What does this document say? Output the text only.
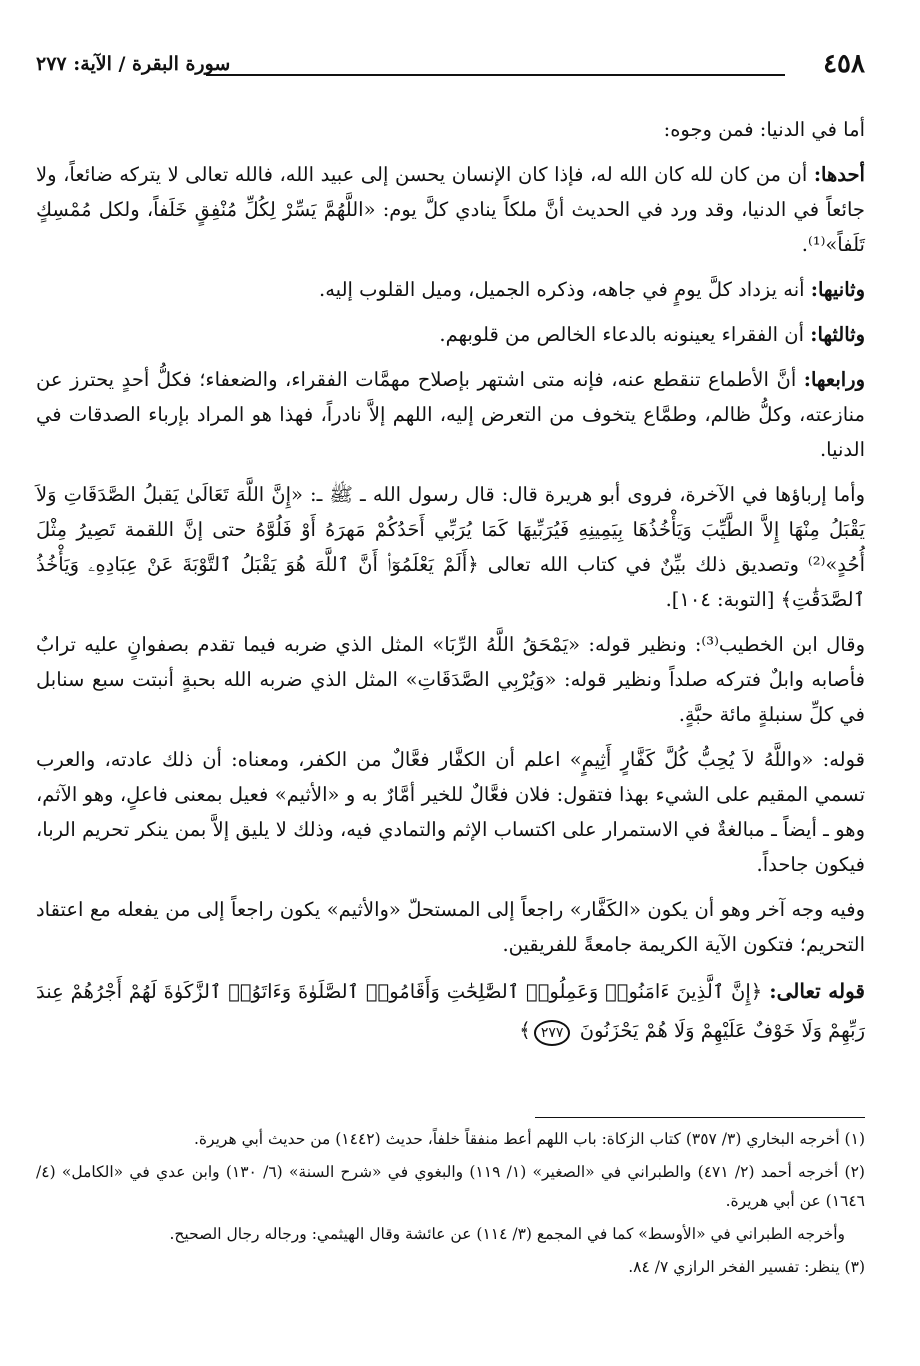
٤٥٨
سورة البقرة / الآية: ٢٧٧

أما في الدنيا: فمن وجوه:

أحدها: أن من كان لله كان الله له، فإذا كان الإنسان يحسن إلى عبيد الله، فالله تعالى لا يتركه ضائعاً، ولا جائعاً في الدنيا، وقد ورد في الحديث أنَّ ملكاً ينادي كلَّ يوم: «اللَّهُمَّ يَسِّرْ لِكُلِّ مُنْفِقٍ خَلَفاً، ولكل مُمْسِكٍ تَلَفاً»⁽¹⁾.

وثانيها: أنه يزداد كلَّ يومٍ في جاهه، وذكره الجميل، وميل القلوب إليه.

وثالثها: أن الفقراء يعينونه بالدعاء الخالص من قلوبهم.

ورابعها: أنَّ الأطماع تنقطع عنه، فإنه متى اشتهر بإصلاح مهمَّات الفقراء، والضعفاء؛ فكلُّ أحدٍ يحترز عن منازعته، وكلُّ ظالم، وطمَّاع يتخوف من التعرض إليه، اللهم إلاَّ نادراً، فهذا هو المراد بإرباء الصدقات في الدنيا.

وأما إرباؤها في الآخرة، فروى أبو هريرة قال: قال رسول الله ـ ﷺ ـ: «إِنَّ اللَّهَ تَعَالَىٰ يَقبلُ الصَّدَقَاتِ وَلاَ يَقْبَلُ مِنْهَا إِلاَّ الطَّيِّبَ وَيَأْخُذُهَا بِيَمِينِهِ فَيُرَبِّيهَا كَمَا يُرَبِّي أَحَدُكُمْ مَهرَهُ أَوْ فَلُوَّهُ حتى إنَّ اللقمة تَصِيرُ مِثْلَ أُحُدٍ»⁽²⁾ وتصديق ذلك بيِّنٌ في كتاب الله تعالى ﴿أَلَمْ يَعْلَمُوٓا۟ أَنَّ ٱللَّهَ هُوَ يَقْبَلُ ٱلتَّوْبَةَ عَنْ عِبَادِهِۦ وَيَأْخُذُ ٱلصَّدَقَٰتِ﴾ [التوبة: ١٠٤].

وقال ابن الخطيب⁽³⁾: ونظير قوله: «يَمْحَقُ اللَّهُ الرِّبَا» المثل الذي ضربه فيما تقدم بصفوانٍ عليه ترابٌ فأصابه وابلٌ فتركه صلداً ونظير قوله: «وَيُرْبِي الصَّدَقَاتِ» المثل الذي ضربه الله بحبةٍ أنبتت سبع سنابل في كلِّ سنبلةٍ مائة حبَّةٍ.

قوله: «واللَّهُ لاَ يُحِبُّ كُلَّ كَفَّارٍ أَثِيمٍ» اعلم أن الكفَّار فعَّالٌ من الكفر، ومعناه: أن ذلك عادته، والعرب تسمي المقيم على الشيء بهذا فتقول: فلان فعَّالٌ للخير أمَّارٌ به و «الأثيم» فعيل بمعنى فاعلٍ، وهو الآثم، وهو ـ أيضاً ـ مبالغةٌ في الاستمرار على اكتساب الإثم والتمادي فيه، وذلك لا يليق إلاَّ بمن ينكر تحريم الربا، فيكون جاحداً.

وفيه وجه آخر وهو أن يكون «الكَفَّار» راجعاً إلى المستحلّ «والأثيم» يكون راجعاً إلى من يفعله مع اعتقاد التحريم؛ فتكون الآية الكريمة جامعةً للفريقين.

قوله تعالى: ﴿إِنَّ ٱلَّذِينَ ءَامَنُوا۟ وَعَمِلُوا۟ ٱلصَّٰلِحَٰتِ وَأَقَامُوا۟ ٱلصَّلَوٰةَ وَءَاتَوُا۟ ٱلزَّكَوٰةَ لَهُمْ أَجْرُهُمْ عِندَ رَبِّهِمْ وَلَا خَوْفٌ عَلَيْهِمْ وَلَا هُمْ يَحْزَنُونَ ٢٧٧﴾

(١) أخرجه البخاري (٣/ ٣٥٧) كتاب الزكاة: باب اللهم أعط منفقاً خلفاً، حديث (١٤٤٢) من حديث أبي هريرة.

(٢) أخرجه أحمد (٢/ ٤٧١) والطبراني في «الصغير» (١/ ١١٩) والبغوي في «شرح السنة» (٦/ ١٣٠) وابن عدي في «الكامل» (٤/ ١٦٤٦) عن أبي هريرة.

وأخرجه الطبراني في «الأوسط» كما في المجمع (٣/ ١١٤) عن عائشة وقال الهيثمي: ورجاله رجال الصحيح.

(٣) ينظر: تفسير الفخر الرازي ٧/ ٨٤.
